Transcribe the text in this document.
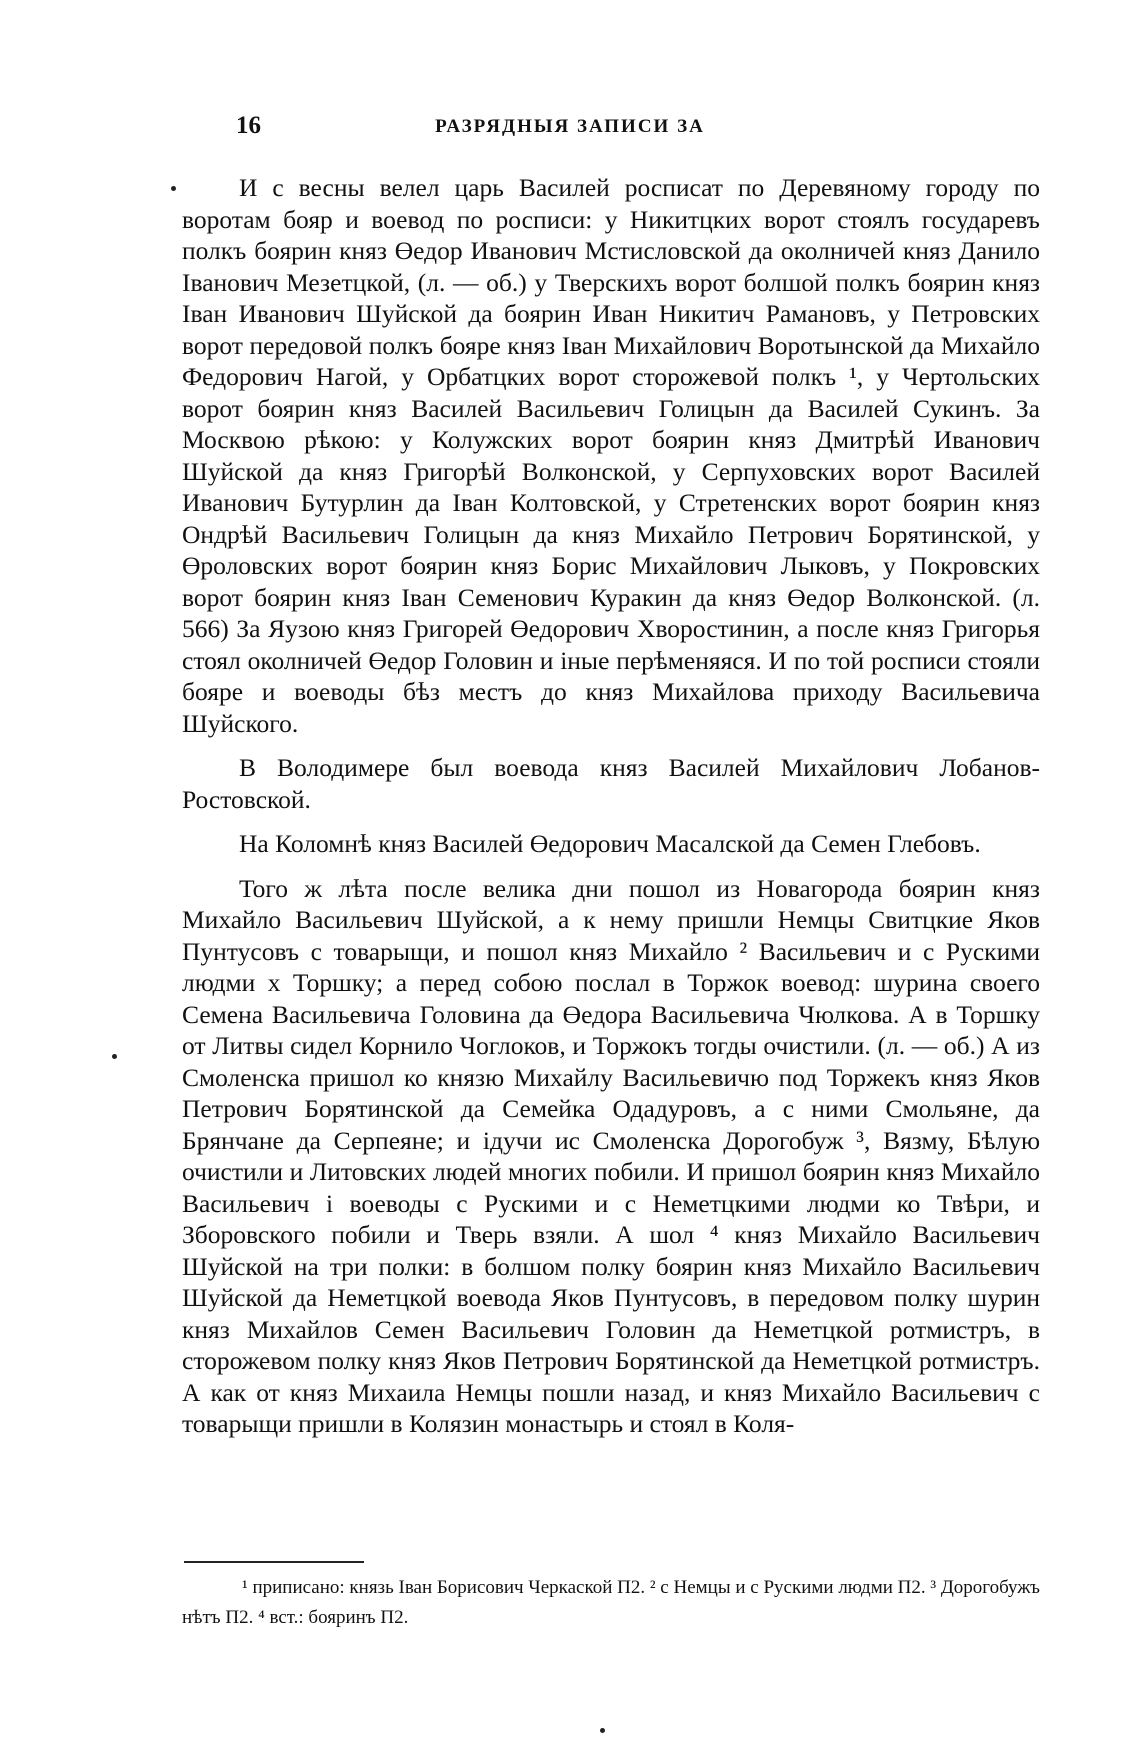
16	РАЗРЯДНЫЯ ЗАПИСИ ЗА

И с весны велел царь Василей росписат по Деревяному городу по воротам бояр и воевод по росписи: у Никитцких ворот стоялъ государевъ полкъ боярин княз Өедор Иванович Мстисловской да околничей княз Данило Іванович Мезетцкой, (л. — об.) у Тверскихъ ворот болшой полкъ боярин княз Іван Иванович Шуйской да боярин Иван Никитич Рамановъ, у Петровских ворот передовой полкъ бояре княз Іван Михайлович Воротынской да Михайло Федорович Нагой, у Орбатцких ворот сторожевой полкъ ¹, у Чертольских ворот боярин княз Василей Васильевич Голицын да Василей Сукинъ. За Москвою рѣкою: у Колужских ворот боярин княз Дмитрѣй Иванович Шуйской да княз Григорѣй Волконской, у Серпуховских ворот Василей Иванович Бутурлин да Іван Колтовской, у Стретенских ворот боярин княз Ондрѣй Васильевич Голицын да княз Михайло Петрович Борятинской, у Өроловских ворот боярин княз Борис Михайлович Лыковъ, у Покровских ворот боярин княз Іван Семенович Куракин да княз Өедор Волконской. (л. 566) За Яузою княз Григорей Өедорович Хворостинин, а после княз Григорья стоял околничей Өедор Головин и іные перѣменяяся. И по той росписи стояли бояре и воеводы бѣз местъ до княз Михайлова приходу Васильевича Шуйского.

В Володимере был воевода княз Василей Михайлович Лобанов-Ростовской.

На Коломнѣ княз Василей Өедорович Масалской да Семен Глебовъ.

Того ж лѣта после велика дни пошол из Новагорода боярин княз Михайло Васильевич Шуйской, а к нему пришли Немцы Свитцкие Яков Пунтусовъ с товарыщи, и пошол княз Михайло ² Васильевич и с Рускими людми х Торшку; а перед собою послал в Торжок воевод: шурина своего Семена Васильевича Головина да Өедора Васильевича Чюлкова. А в Торшку от Литвы сидел Корнило Чоглоков, и Торжокъ тогды очистили. (л. — об.) А из Смоленска пришол ко князю Михайлу Васильевичю под Торжекъ княз Яков Петрович Борятинской да Семейка Одадуровъ, а с ними Смольяне, да Брянчане да Серпеяне; и ідучи ис Смоленска Дорогобуж ³, Вязму, Бѣлую очистили и Литовских людей многих побили. И пришол боярин княз Михайло Васильевич і воеводы с Рускими и с Неметцкими людми ко Твѣри, и Зборовского побили и Тверь взяли. А шол ⁴ княз Михайло Васильевич Шуйской на три полки: в болшом полку боярин княз Михайло Васильевич Шуйской да Неметцкой воевода Яков Пунтусовъ, в передовом полку шурин княз Михайлов Семен Васильевич Головин да Неметцкой ротмистръ, в сторожевом полку княз Яков Петрович Борятинской да Неметцкой ротмистръ. А как от княз Михаила Немцы пошли назад, и княз Михайло Васильевич с товарыщи пришли в Колязин монастырь и стоял в Коля-

¹ приписано: князь Іван Борисович Черкаской П2. ² с Немцы и с Рускими людми П2. ³ Дорогобужъ нѣтъ П2. ⁴ вст.: бояринъ П2.
